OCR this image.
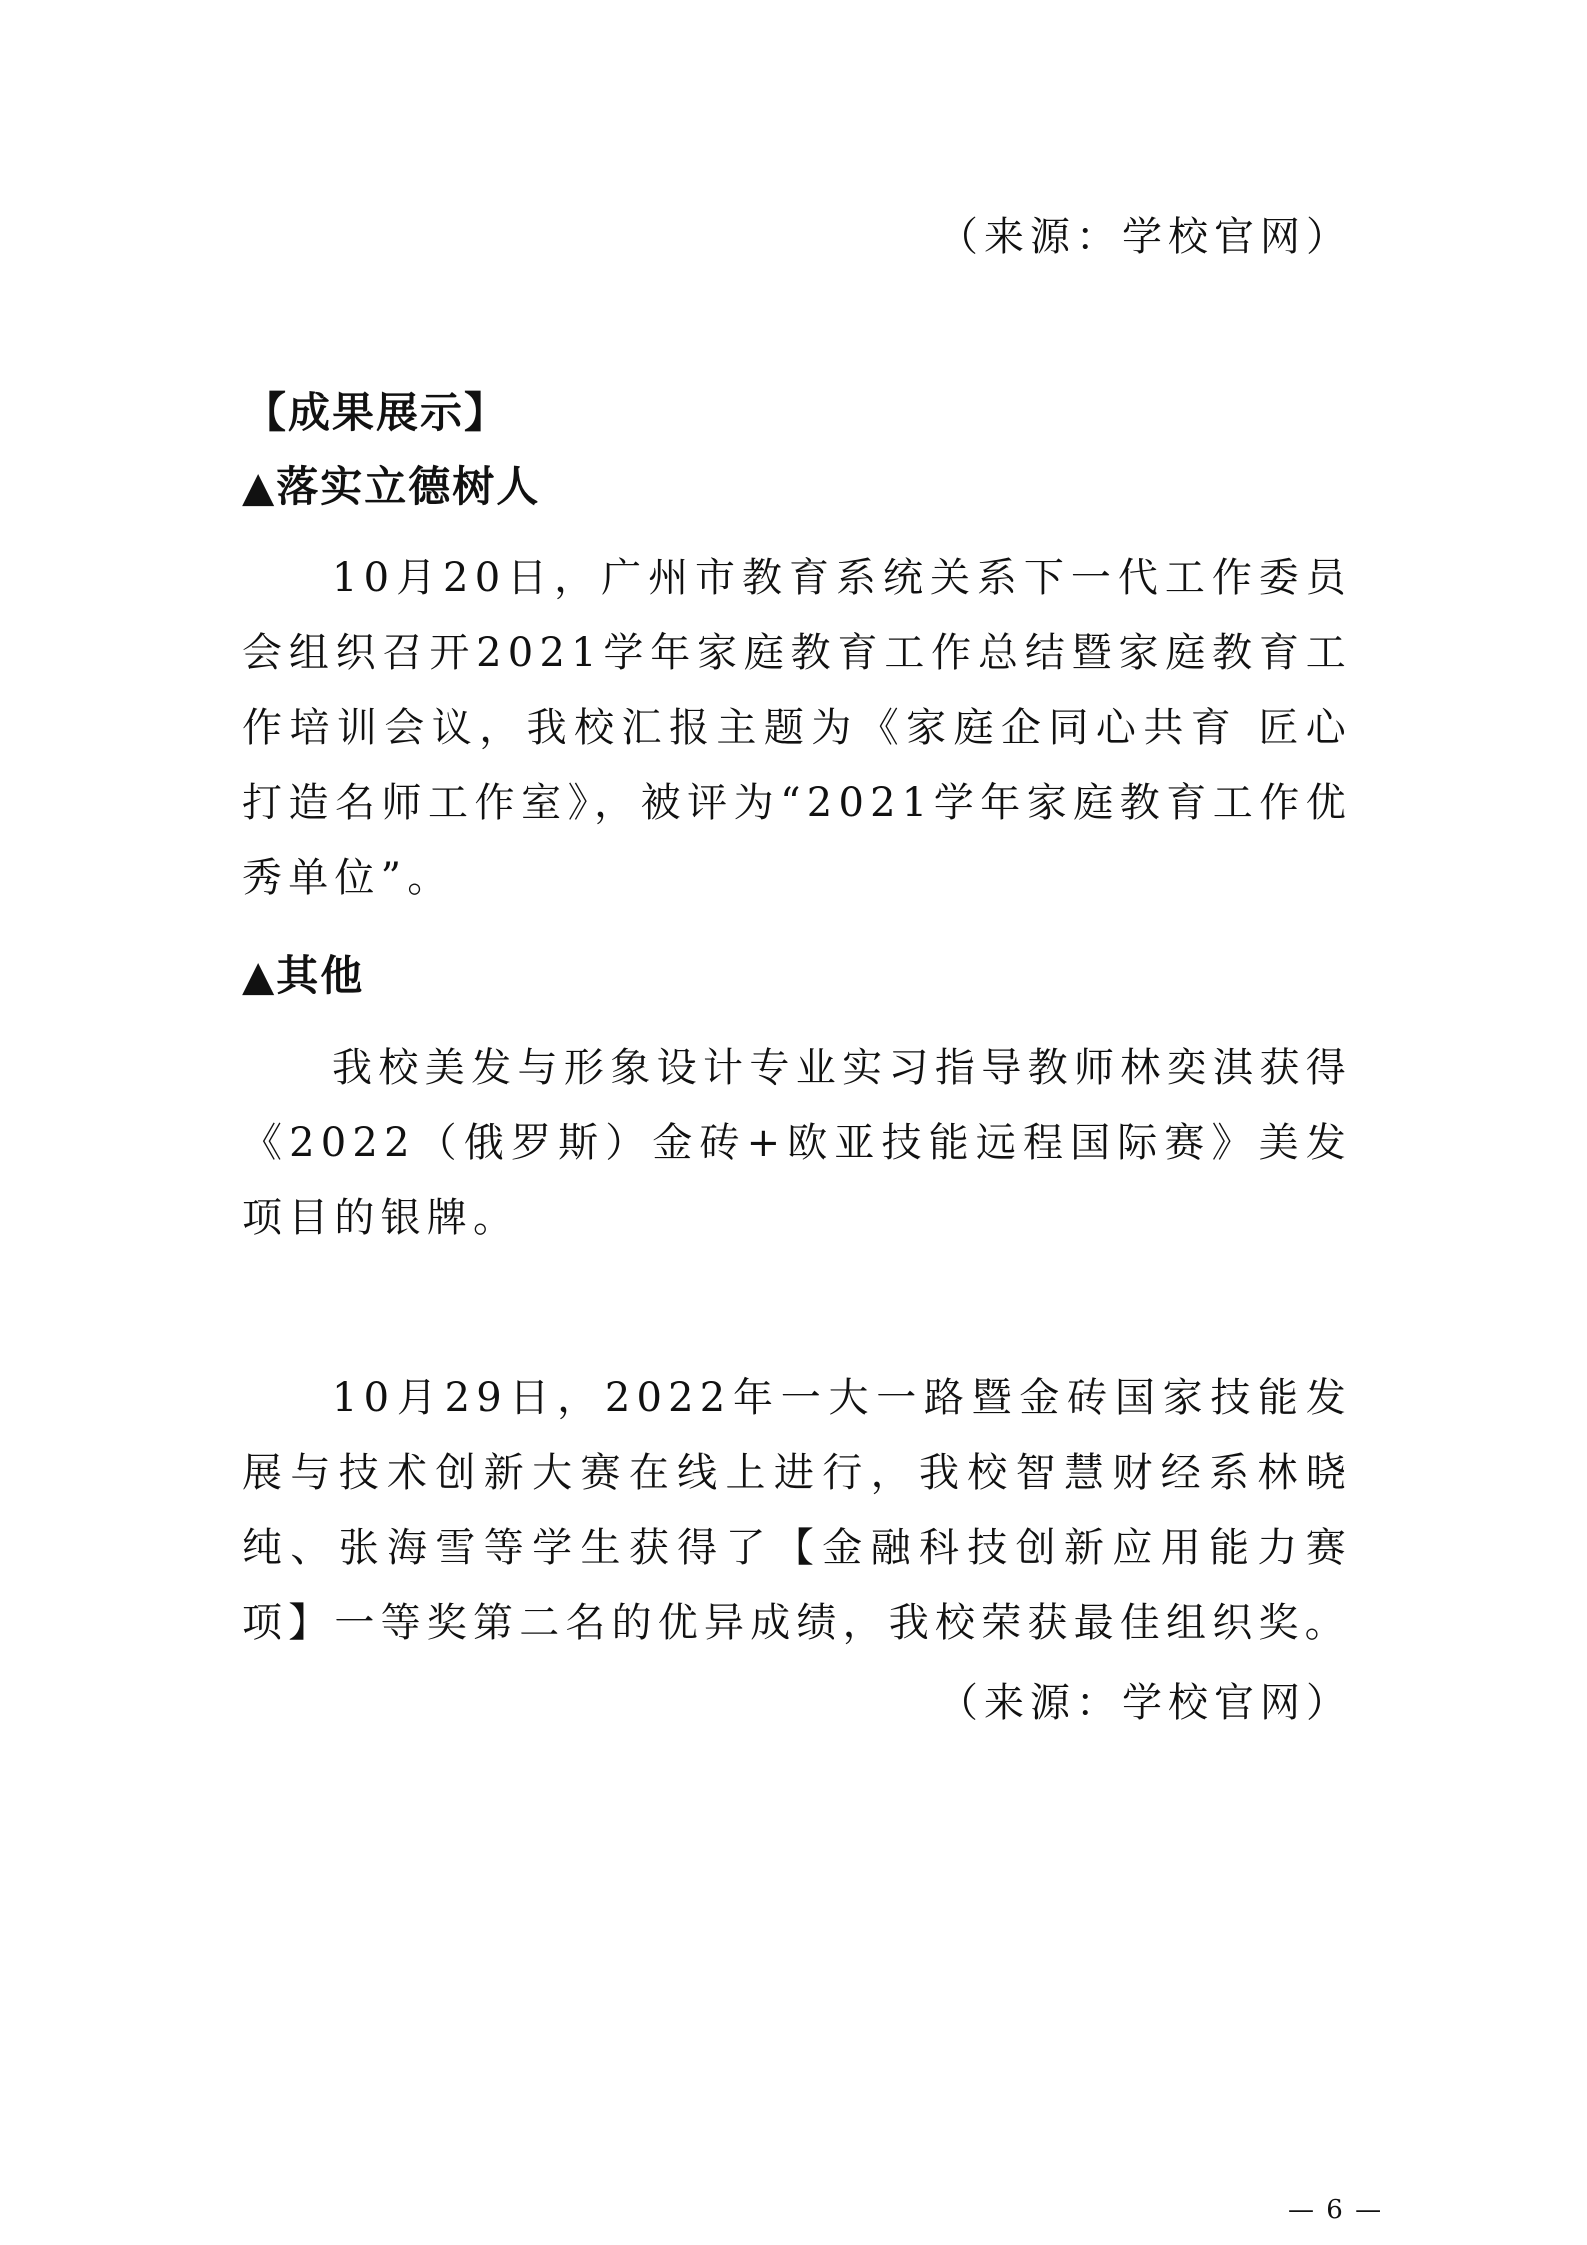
（来源：学校官网）
【成果展示】
▲落实立德树人

10月20日，广州市教育系统关系下一代工作委员会组织召开2021学年家庭教育工作总结暨家庭教育工作培训会议，我校汇报主题为《家庭企同心共育 匠心打造名师工作室》，被评为“2021学年家庭教育工作优秀单位”。

▲其他

我校美发与形象设计专业实习指导教师林奕淇获得《2022（俄罗斯）金砖+欧亚技能远程国际赛》美发项目的银牌。

10月29日，2022年一大一路暨金砖国家技能发展与技术创新大赛在线上进行，我校智慧财经系林晓纯、张海雪等学生获得了【金融科技创新应用能力赛项】一等奖第二名的优异成绩，我校荣获最佳组织奖。

（来源：学校官网）
— 6 —
